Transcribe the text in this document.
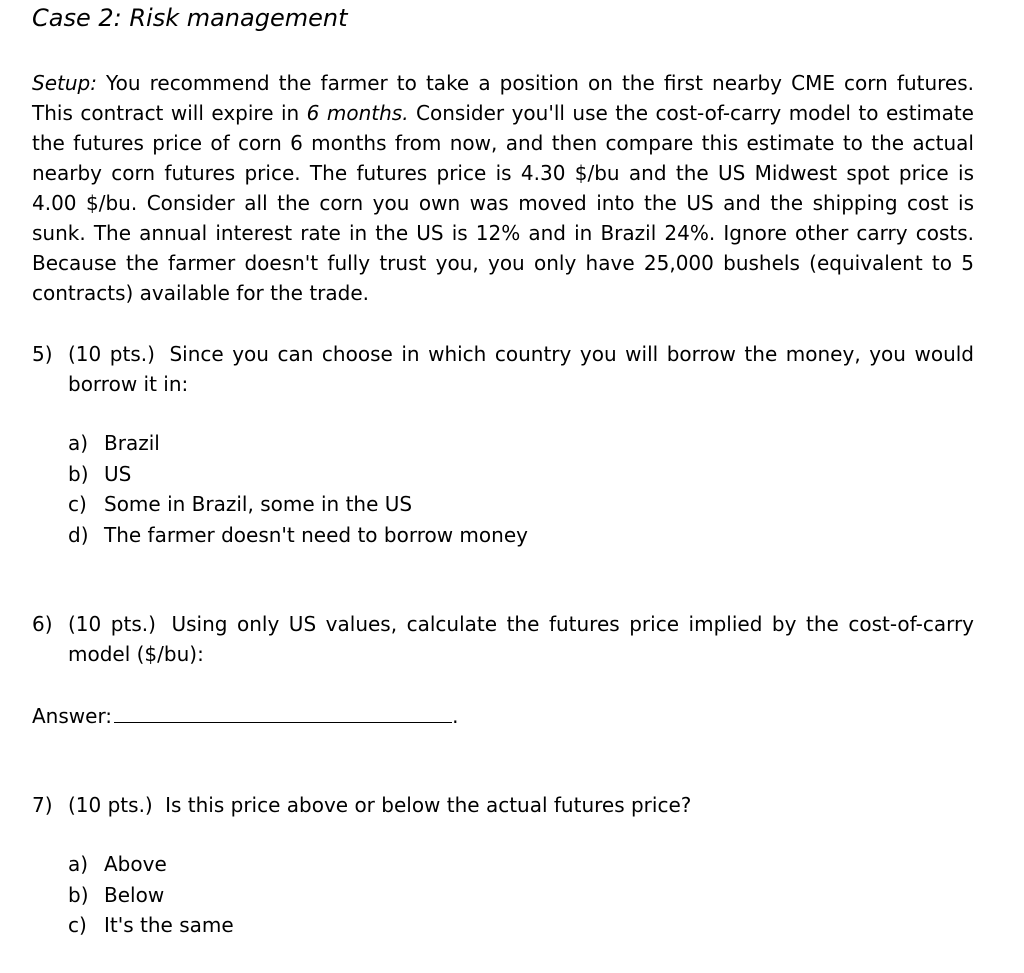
Case 2: Risk management
Setup: You recommend the farmer to take a position on the first nearby CME corn futures. This contract will expire in 6 months. Consider you'll use the cost-of-carry model to estimate the futures price of corn 6 months from now, and then compare this estimate to the actual nearby corn futures price. The futures price is 4.30 $/bu and the US Midwest spot price is 4.00 $/bu. Consider all the corn you own was moved into the US and the shipping cost is sunk. The annual interest rate in the US is 12% and in Brazil 24%. Ignore other carry costs. Because the farmer doesn't fully trust you, you only have 25,000 bushels (equivalent to 5 contracts) available for the trade.
5) (10 pts.) Since you can choose in which country you will borrow the money, you would borrow it in:
a) Brazil
b) US
c) Some in Brazil, some in the US
d) The farmer doesn't need to borrow money
6) (10 pts.) Using only US values, calculate the futures price implied by the cost-of-carry model ($/bu):
Answer:	.
7) (10 pts.) Is this price above or below the actual futures price?
a) Above
b) Below
c) It's the same
